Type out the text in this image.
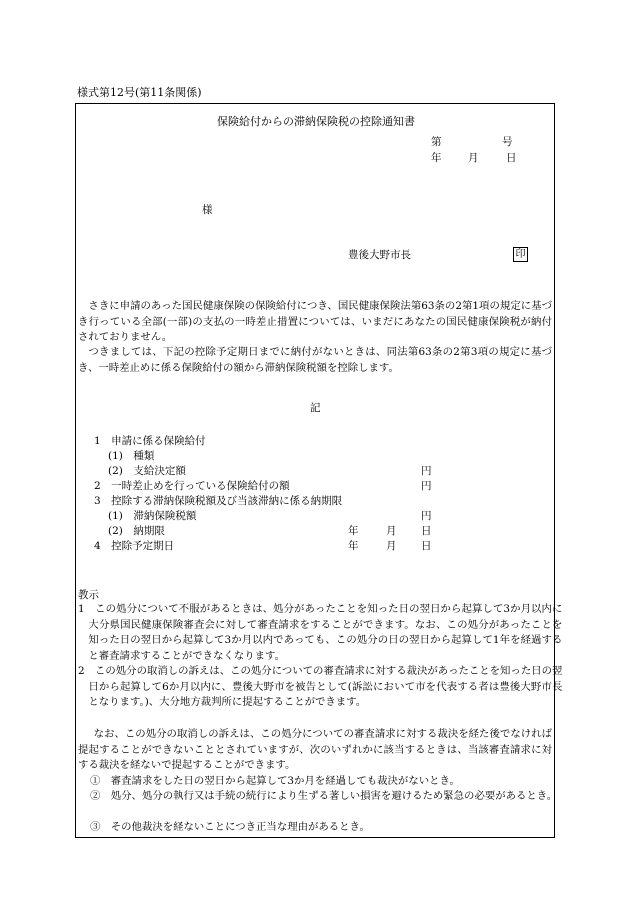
様式第12号(第11条関係)
保険給付からの滞納保険税の控除通知書
第	号
年	月	日
様
豊後大野市長	印
さきに申請のあった国民健康保険の保険給付につき、国民健康保険法第63条の2第1項の規定に基づき行っている全部(一部)の支払の一時差止措置については、いまだにあなたの国民健康保険税が納付されておりません。
つきましては、下記の控除予定期日までに納付がないときは、同法第63条の2第3項の規定に基づき、一時差止めに係る保険給付の額から滞納保険税額を控除します。
記
1　申請に係る保険給付
(1)　種類
(2)　支給決定額	円
2　一時差止めを行っている保険給付の額	円
3　控除する滞納保険税額及び当該滞納に係る納期限
(1)　滞納保険税額	円
(2)　納期限	年	月 日
4　控除予定期日	年	月 日
教示
1　この処分について不服があるときは、処分があったことを知った日の翌日から起算して3か月以内に大分県国民健康保険審査会に対して審査請求をすることができます。なお、この処分があったことを知った日の翌日から起算して3か月以内であっても、この処分の日の翌日から起算して1年を経過すると審査請求することができなくなります。
2　この処分の取消しの訴えは、この処分についての審査請求に対する裁決があったことを知った日の翌日から起算して6か月以内に、豊後大野市を被告として(訴訟において市を代表する者は豊後大野市長となります。)、大分地方裁判所に提起することができます。
なお、この処分の取消しの訴えは、この処分についての審査請求に対する裁決を経た後でなければ提起することができないこととされていますが、次のいずれかに該当するときは、当該審査請求に対する裁決を経ないで提起することができます。
①　審査請求をした日の翌日から起算して3か月を経過しても裁決がないとき。
②　処分、処分の執行又は手続の続行により生ずる著しい損害を避けるため緊急の必要があるとき。
③　その他裁決を経ないことにつき正当な理由があるとき。
